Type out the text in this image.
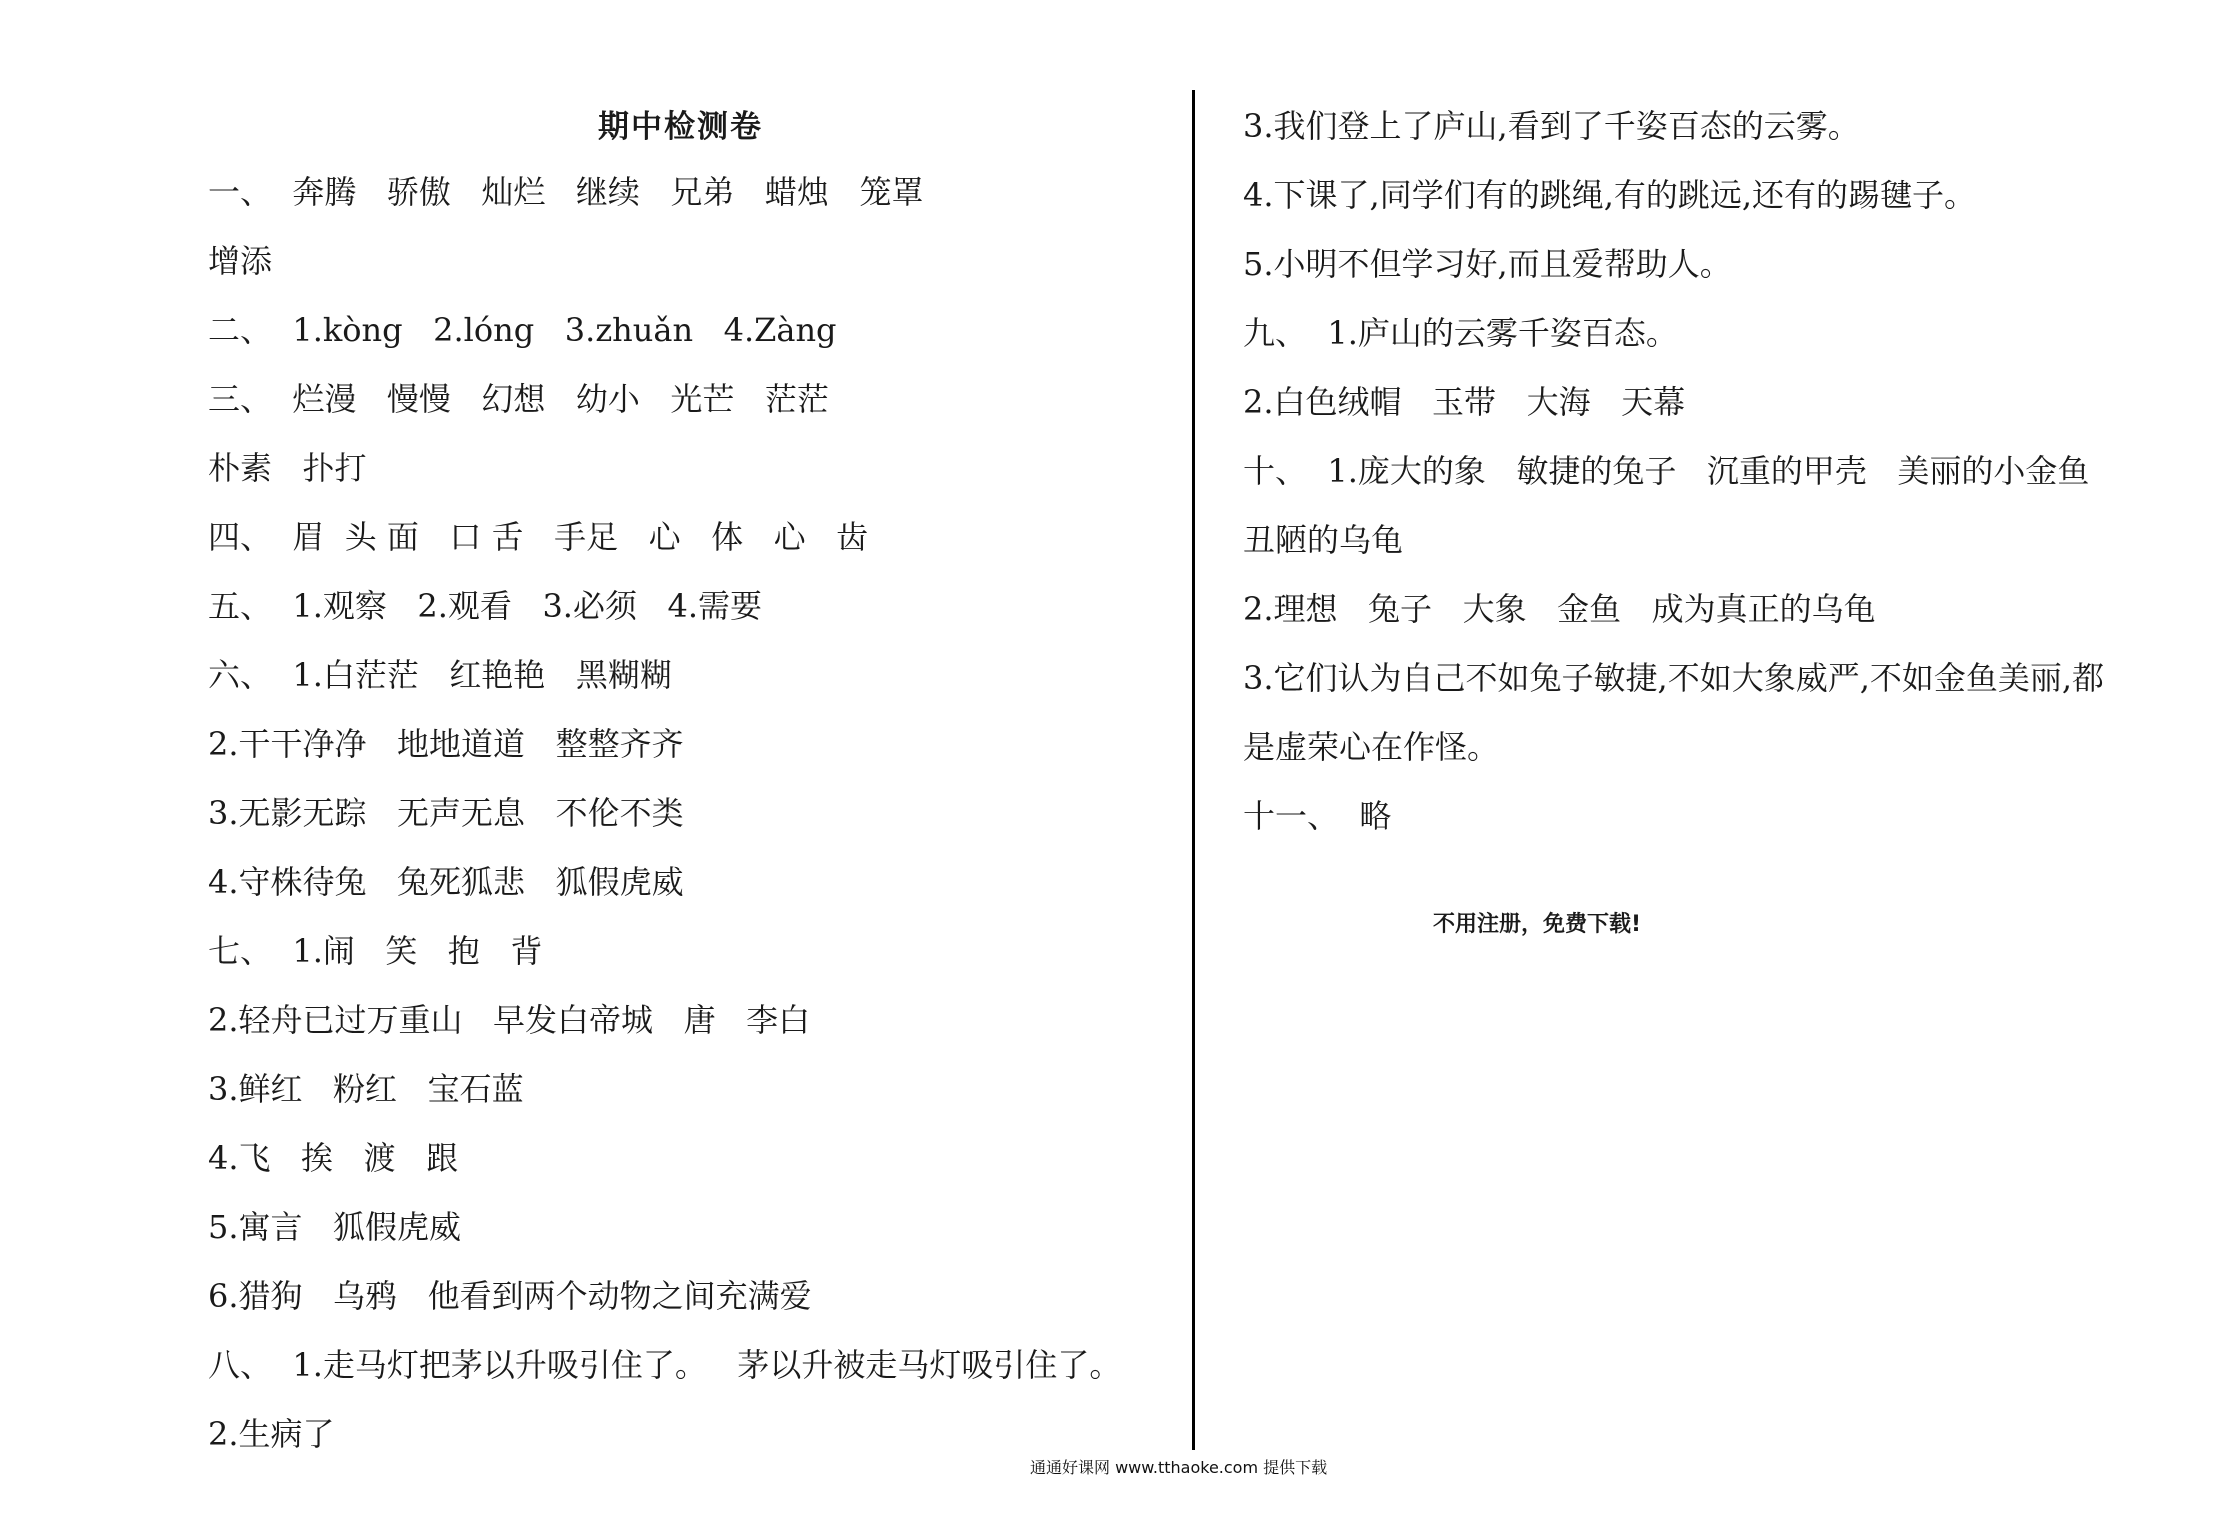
期中检测卷
一、  奔腾   骄傲   灿烂   继续   兄弟   蜡烛   笼罩
增添
二、  1.kòng   2.lóng   3.zhuǎn   4.Zàng
三、  烂漫   慢慢   幻想   幼小   光芒   茫茫
朴素   扑打
四、  眉  头 面   口 舌   手足   心   体   心   齿
五、  1.观察   2.观看   3.必须   4.需要
六、  1.白茫茫   红艳艳   黑糊糊
2.干干净净   地地道道   整整齐齐
3.无影无踪   无声无息   不伦不类
4.守株待兔   兔死狐悲   狐假虎威
七、  1.闹   笑   抱   背
2.轻舟已过万重山   早发白帝城   唐   李白
3.鲜红   粉红   宝石蓝
4.飞   挨   渡   跟
5.寓言   狐假虎威
6.猎狗   乌鸦   他看到两个动物之间充满爱
八、  1.走马灯把茅以升吸引住了。   茅以升被走马灯吸引住了。
2.生病了
3.我们登上了庐山,看到了千姿百态的云雾。
4.下课了,同学们有的跳绳,有的跳远,还有的踢毽子。
5.小明不但学习好,而且爱帮助人。
九、  1.庐山的云雾千姿百态。
2.白色绒帽   玉带   大海   天幕
十、  1.庞大的象   敏捷的兔子   沉重的甲壳   美丽的小金鱼
丑陋的乌龟
2.理想   兔子   大象   金鱼   成为真正的乌龟
3.它们认为自己不如兔子敏捷,不如大象威严,不如金鱼美丽,都
是虚荣心在作怪。
十一、  略
不用注册，免费下载!
通通好课网 www.tthaoke.com 提供下载
